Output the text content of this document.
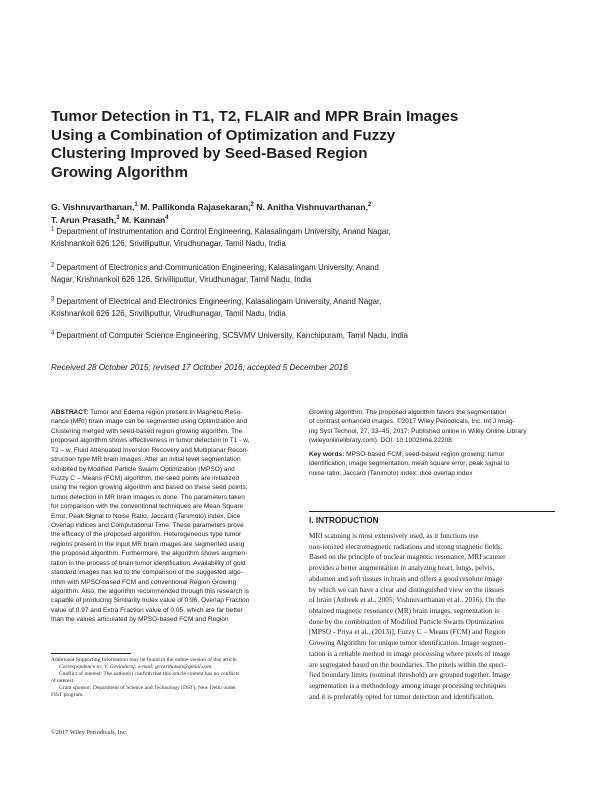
Tumor Detection in T1, T2, FLAIR and MPR Brain Images
Using a Combination of Optimization and Fuzzy
Clustering Improved by Seed-Based Region
Growing Algorithm
G. Vishnuvarthanan,$^1$ M. Pallikonda Rajasekaran,$^2$ N. Anitha Vishnuvarthanan,$^2$
T. Arun Prasath,$^3$ M. Kannan$^4$
$^1$ Department of Instrumentation and Control Engineering, Kalasalingam University, Anand Nagar,
Krishnankoil 626 126, Srivilliputtur, Virudhunagar, Tamil Nadu, India
$^2$ Department of Electronics and Communication Engineering, Kalasalingam University, Anand
Nagar, Krishnankoil 626 126, Srivilliputtur, Virudhunagar, Tamil Nadu, India
$^3$ Department of Electrical and Electronics Engineering, Kalasalingam University, Anand Nagar,
Krishnankoil 626 126, Srivilliputtur, Virudhunagar, Tamil Nadu, India
$^4$ Department of Computer Science Engineering, SCSVMV University, Kanchipuram, Tamil Nadu, India
Received 28 October 2015; revised 17 October 2016; accepted 5 December 2016
ABSTRACT: Tumor and Edema region present in Magnetic Reso-
nance (MRI) brain image can be segmented using Optimization and
Clustering merged with seed-based region growing algorithm. The
proposed algorithm shows effectiveness in tumor detection in T1 - w,
T2 – w, Fluid Attenuated Inversion Recovery and Multiplanar Recon-
struction type MR brain images. After an initial level segmentation
exhibited by Modified Particle Swarm Optimization (MPSO) and
Fuzzy C – Means (FCM) algorithm, the seed points are initialized
using the region growing algorithm and based on these seed points;
tumor detection in MR brain images is done. The parameters taken
for comparison with the conventional techniques are Mean Square
Error, Peak Signal to Noise Ratio, Jaccard (Tanimoto) index, Dice
Overlap indices and Computational Time. These parameters prove
the efficacy of the proposed algorithm. Heterogeneous type tumor
regions present in the input MR brain images are segmented using
the proposed algorithm. Furthermore, the algorithm shows augmen-
tation in the process of brain tumor identification. Availability of gold
standard images has led to the comparison of the suggested algo-
rithm with MPSO-based FCM and conventional Region Growing
algorithm. Also, the algorithm recommended through this research is
capable of producing Similarity Index value of 0.96, Overlap Fraction
value of 0.97 and Extra Fraction value of 0.05, which are far better
than the values articulated by MPSO-based FCM and Region
Growing algorithm. The proposed algorithm favors the segmentation
of contrast enhanced images. ©2017 Wiley Periodicals, Inc. Int J Imag-
ing Syst Technol, 27, 33–45, 2017; Published online in Wiley Online Library
(wileyonlinelibrary.com). DOI: 10.1002/ima.22208
Key words: MPSO-based FCM; seed-based region growing; tumor
identification; image segmentation; mean square error; peak signal to
noise ratio; Jaccard (Tanimoto) index; dice overlap index
I. INTRODUCTION
MRI scanning is most extensively used, as it functions use
non-ionized electromagnetic radiations and strong magnetic fields.
Based on the principle of nuclear magnetic resonance, MRI scanner
provides a better augmentation in analyzing heart, lungs, pelvis,
abdomen and soft tissues in brain and offers a good resolute image
by which we can have a clear and distinguished view on the tissues
of brain (Anbeek et al., 2005; Vishnuvarthanan et al., 2016). On the
obtained magnetic resonance (MR) brain images, segmentation is
done by the combination of Modified Particle Swarm Optimization
[MPSO - Priya et al., (2013)], Fuzzy C – Means (FCM) and Region
Growing Algorithm for unique tumor identification. Image segmen-
tation is a reliable method in image processing where pixels of image
are segregated based on the boundaries. The pixels within the speci-
fied boundary limits (nominal threshold) are grouped together. Image
segmentation is a methodology among image processing techniques
and it is preferably opted for tumor detection and identification.
Additional Supporting Information may be found in the online version of this article.
Correspondence to: V. Govindaraj; e-mail: gvvarthanan@gmail.com
Conflict of interest: The author(s) confirm that this article content has no conflicts
of interest.
Grant sponsor: Department of Science and Technology (DST), New Delhi under
FIST program.
©2017 Wiley Periodicals, Inc.
